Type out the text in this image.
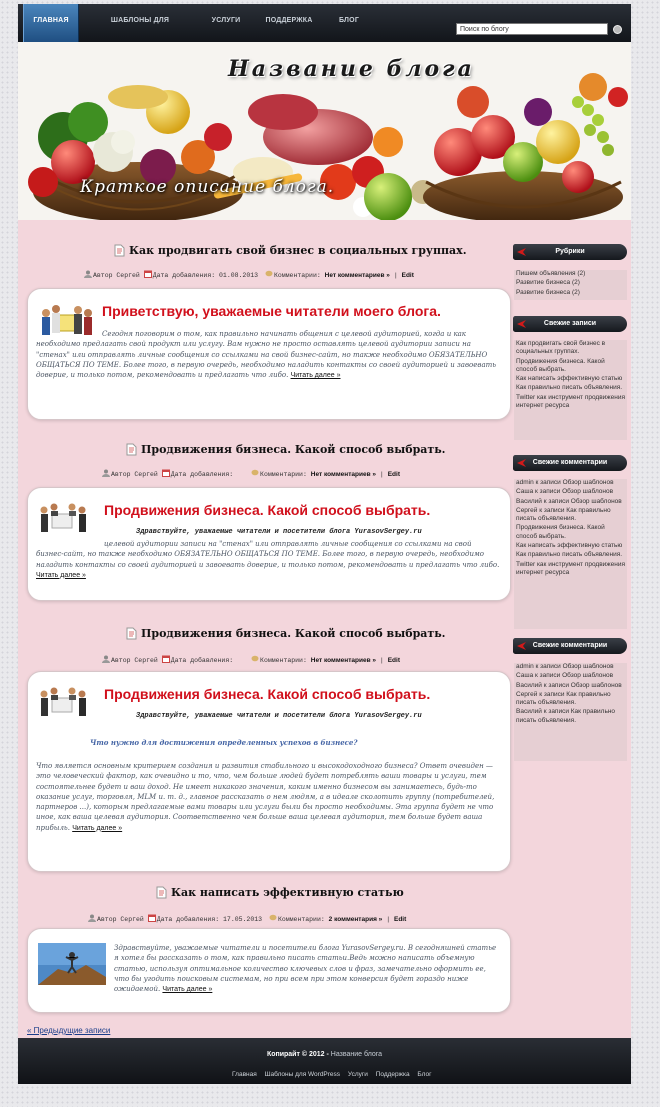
ГЛАВНАЯ	ШАБЛОНЫ ДЛЯ	УСЛУГИ	ПОДДЕРЖКА	БЛОГ
Поиск по блогу
Название блога
Краткое описание блога.
Как продвигать свой бизнес в социальных группах.
Автор Сергей Дата добавления: 01.08.2013 Комментарии: Нет комментариев » | Edit
Приветствую, уважаемые читатели моего блога.
Сегодня поговорим о том, как правильно начинать общения с целевой аудиторией, когда и как необходимо предлагать свой продукт или услугу. Вам нужно не просто оставлять целевой аудитории записи на "стенах" или отправлять личные сообщения со ссылками на свой бизнес-сайт, но также необходимо ОБЯЗАТЕЛЬНО ОБЩАТЬСЯ ПО ТЕМЕ. Более того, в первую очередь, необходимо наладить контакты со своей аудиторией и завоевать доверие, и только потом, рекомендовать и предлагать что либо. Читать далее »
Продвижения бизнеса. Какой способ выбрать.
Автор Сергей Дата добавления:	Комментарии: Нет комментариев » | Edit
Продвижения бизнеса. Какой способ выбрать.
Здравствуйте, уважаемые читатели и посетители блога YurasovSergey.ru
целевой аудитории записи на "стенах" или отправлять личные сообщения со ссылками на свой бизнес-сайт, но также необходимо ОБЯЗАТЕЛЬНО ОБЩАТЬСЯ ПО ТЕМЕ. Более того, в первую очередь, необходимо наладить контакты со своей аудиторией и завоевать доверие, и только потом, рекомендовать и предлагать что либо. Читать далее »
Продвижения бизнеса. Какой способ выбрать.
Автор Сергей Дата добавления:	Комментарии: Нет комментариев » | Edit
Продвижения бизнеса. Какой способ выбрать.
Здравствуйте, уважаемые читатели и посетители блога YurasovSergey.ru
Что нужно для достижения определенных успехов в бизнесе?
Что является основным критерием создания и развития стабильного и высокодоходного бизнеса? Ответ очевиден — это человеческий фактор, как очевидно и то, что, чем больше людей будет потреблять ваши товары и услуги, тем состоятельнее будет и ваш доход. Не имеет никакого значения, каким именно бизнесом вы занимаетесь, будь-то оказание услуг, торговля, MLM и. т. д., главное рассказать о нем людям, а в идеале сколотить группу (потребителей, партнеров ...), которым предлагаемые вами товары или услуги были бы просто необходимы. Эта группа будет не что иное, как ваша целевая аудитория. Соответственно чем больше ваша целевая аудитория, тем больше будет ваша прибыль. Читать далее »
Как написать эффективную статью
Автор Сергей Дата добавления: 17.05.2013 Комментарии: 2 комментария » | Edit
Здравствуйте, уважаемые читатели и посетители блога YurasovSergey.ru. В сегодняшней статье я хотел бы рассказать о том, как правильно писать статьи.Ведь можно написать объемную статью, используя оптимальное количество ключевых слов и фраз, замечательно оформить ее, что бы угодить поисковым системам, но при всем при этом конверсия будет гораздо ниже ожидаемой. Читать далее »
« Предыдущие записи
Рубрики
Пишем объявления (2)
Развитие бизнеса (2)
Развитие бизнеса (2)
Свежие записи
Как продвигать свой бизнес в социальных группах.
Продвижения бизнеса. Какой способ выбрать.
Как написать эффективную статью
Как правильно писать объявления.
Twitter как инструмент продвижения интернет ресурса
Свежие комментарии
admin к записи Обзор шаблонов
Саша к записи Обзор шаблонов
Василий к записи Обзор шаблонов
Сергей к записи Как правильно писать объявления.
Продвижения бизнеса. Какой способ выбрать.
Как написать эффективную статью
Как правильно писать объявления.
Twitter как инструмент продвижения интернет ресурса
Свежие комментарии
admin к записи Обзор шаблонов
Саша к записи Обзор шаблонов
Василий к записи Обзор шаблонов
Сергей к записи Как правильно писать объявления.
Василий к записи Как правильно писать объявления.
Копирайт © 2012 - Название блога
Главная Шаблоны для WordPress Услуги Поддержка Блог
